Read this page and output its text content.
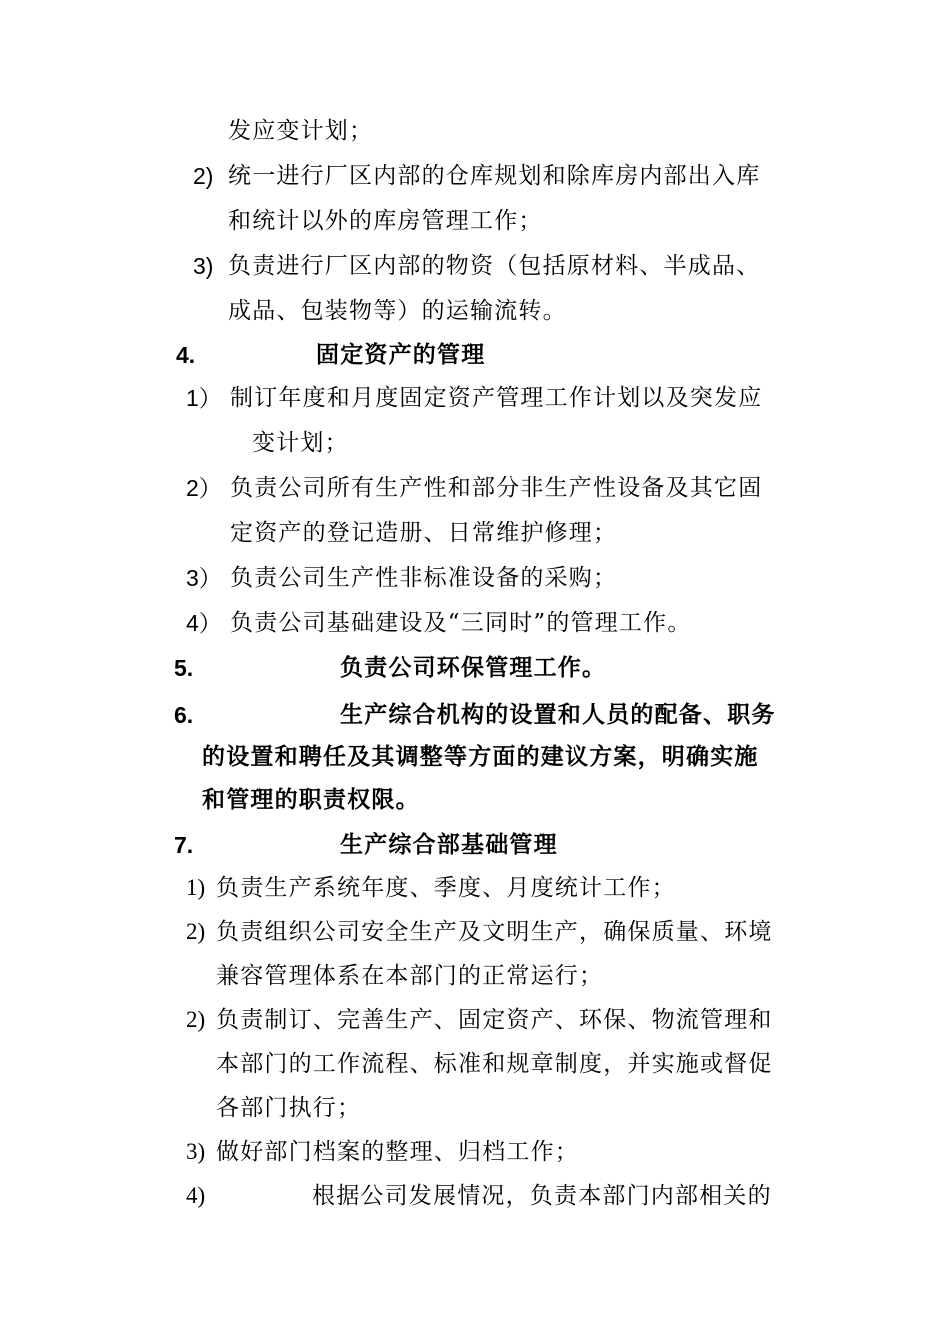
发应变计划；
2) 统一进行厂区内部的仓库规划和除库房内部出入库
和统计以外的库房管理工作；
3) 负责进行厂区内部的物资（包括原材料、半成品、
成品、包装物等）的运输流转。
4.	固定资产的管理
1） 制订年度和月度固定资产管理工作计划以及突发应
变计划；
2） 负责公司所有生产性和部分非生产性设备及其它固
定资产的登记造册、日常维护修理；
3） 负责公司生产性非标准设备的采购；
4） 负责公司基础建设及“三同时”的管理工作。
5.	负责公司环保管理工作。
6.	生产综合机构的设置和人员的配备、职务
的设置和聘任及其调整等方面的建议方案，明确实施
和管理的职责权限。
7.	生产综合部基础管理
1) 负责生产系统年度、季度、月度统计工作；
2) 负责组织公司安全生产及文明生产，确保质量、环境
兼容管理体系在本部门的正常运行；
2) 负责制订、完善生产、固定资产、环保、物流管理和
本部门的工作流程、标准和规章制度，并实施或督促
各部门执行；
3) 做好部门档案的整理、归档工作；
4)	根据公司发展情况，负责本部门内部相关的
